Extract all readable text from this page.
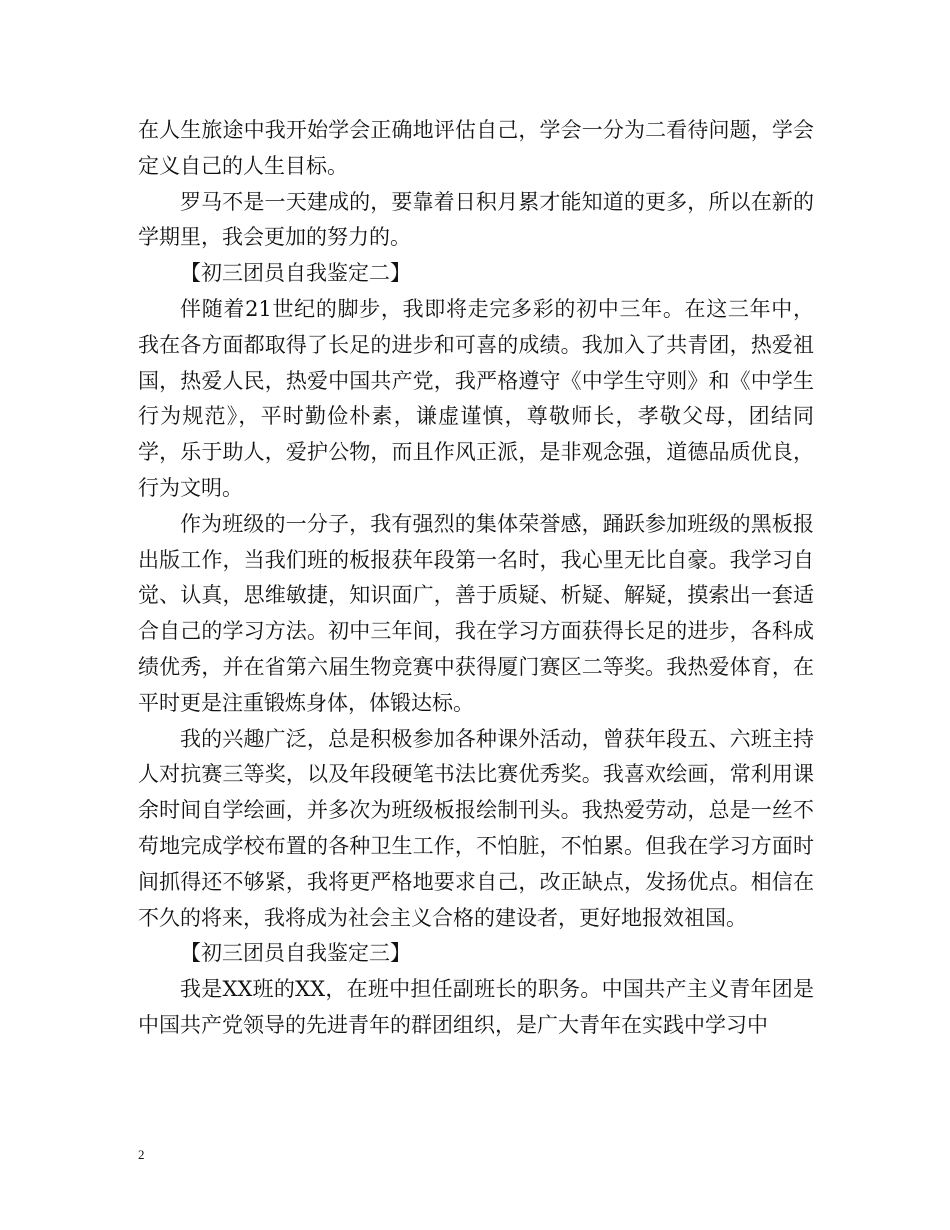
在人生旅途中我开始学会正确地评估自己，学会一分为二看待问题，学会定义自己的人生目标。

罗马不是一天建成的，要靠着日积月累才能知道的更多，所以在新的学期里，我会更加的努力的。

【初三团员自我鉴定二】

伴随着21世纪的脚步，我即将走完多彩的初中三年。在这三年中，我在各方面都取得了长足的进步和可喜的成绩。我加入了共青团，热爱祖国，热爱人民，热爱中国共产党，我严格遵守《中学生守则》和《中学生行为规范》，平时勤俭朴素，谦虚谨慎，尊敬师长，孝敬父母，团结同学，乐于助人，爱护公物，而且作风正派，是非观念强，道德品质优良，行为文明。

作为班级的一分子，我有强烈的集体荣誉感，踊跃参加班级的黑板报出版工作，当我们班的板报获年段第一名时，我心里无比自豪。我学习自觉、认真，思维敏捷，知识面广，善于质疑、析疑、解疑，摸索出一套适合自己的学习方法。初中三年间，我在学习方面获得长足的进步，各科成绩优秀，并在省第六届生物竞赛中获得厦门赛区二等奖。我热爱体育，在平时更是注重锻炼身体，体锻达标。

我的兴趣广泛，总是积极参加各种课外活动，曾获年段五、六班主持人对抗赛三等奖，以及年段硬笔书法比赛优秀奖。我喜欢绘画，常利用课余时间自学绘画，并多次为班级板报绘制刊头。我热爱劳动，总是一丝不苟地完成学校布置的各种卫生工作，不怕脏，不怕累。但我在学习方面时间抓得还不够紧，我将更严格地要求自己，改正缺点，发扬优点。相信在不久的将来，我将成为社会主义合格的建设者，更好地报效祖国。

【初三团员自我鉴定三】

我是XX班的XX，在班中担任副班长的职务。中国共产主义青年团是中国共产党领导的先进青年的群团组织，是广大青年在实践中学习中

2
